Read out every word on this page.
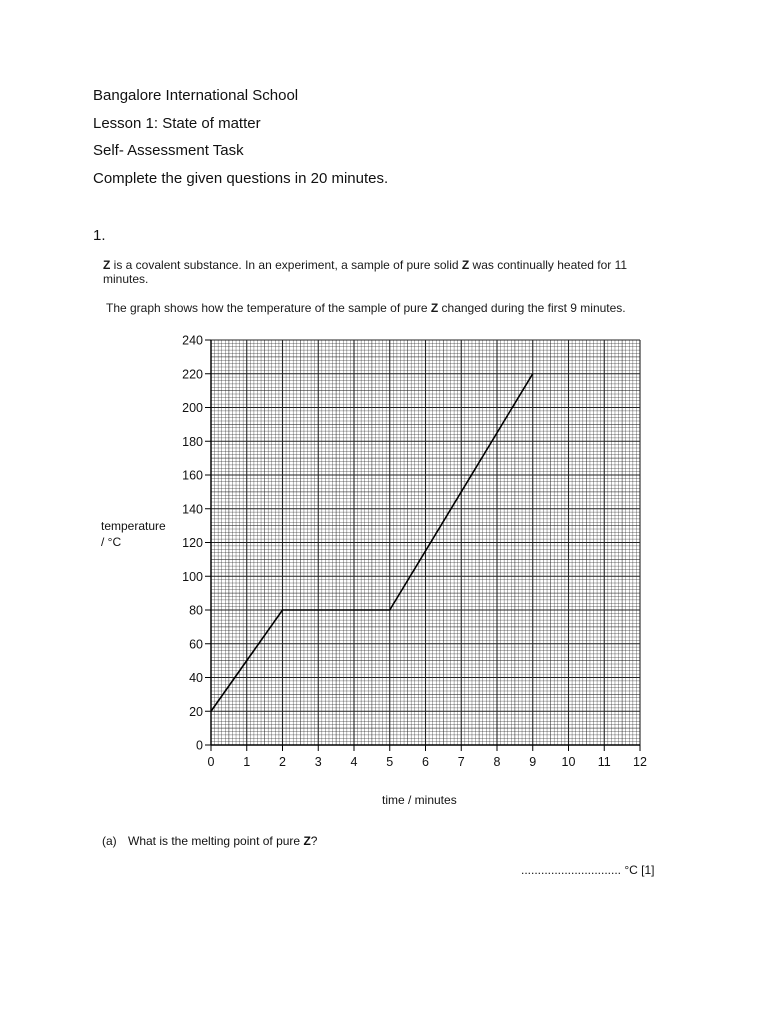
Bangalore International School
Lesson 1: State of matter
Self- Assessment Task
Complete the given questions in 20 minutes.
1.
Z is a covalent substance. In an experiment, a sample of pure solid Z was continually heated for 11 minutes.
The graph shows how the temperature of the sample of pure Z changed during the first 9 minutes.
0
20
40
60
80
100
120
140
160
180
200
220
240
0 1 2 3 4 5 6 7 8 9 10 11 12
temperature
/ °C
time / minutes
(a) What is the melting point of pure Z?
.............................. °C [1]
